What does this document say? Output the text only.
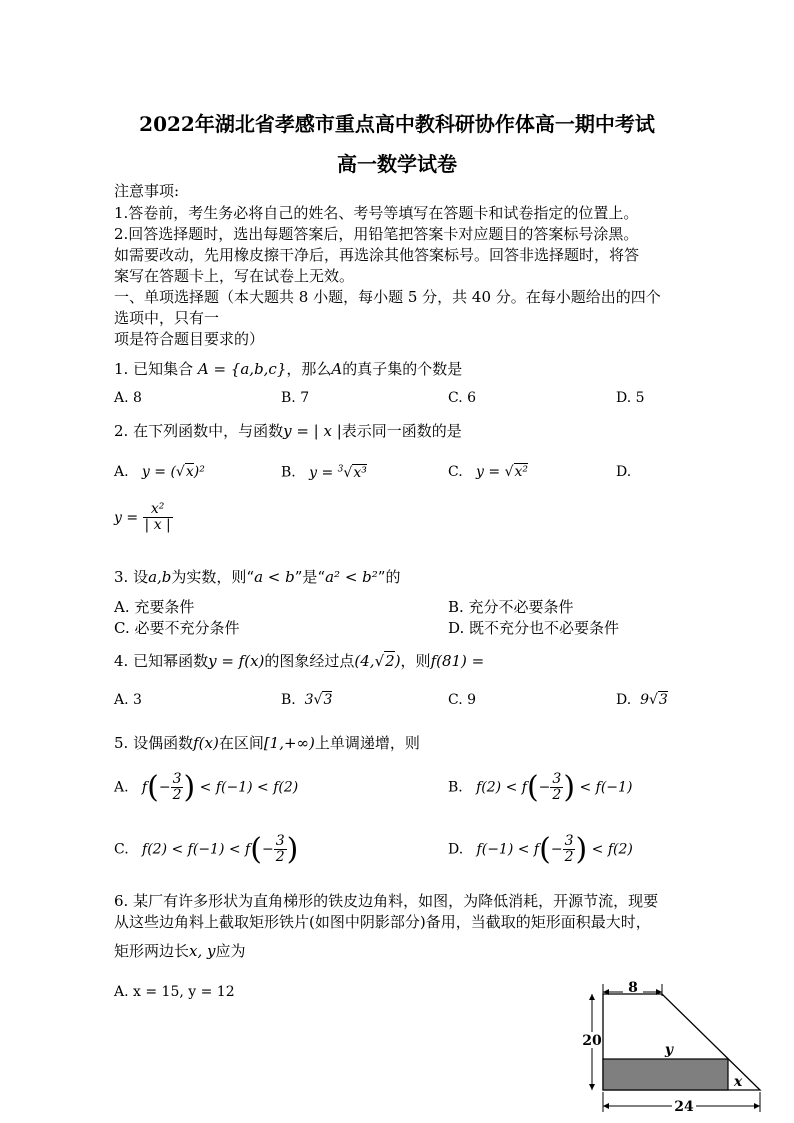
2022年湖北省孝感市重点高中教科研协作体高一期中考试
高一数学试卷
注意事项:
1.答卷前，考生务必将自己的姓名、考号等填写在答题卡和试卷指定的位置上。
2.回答选择题时，选出每题答案后，用铅笔把答案卡对应题目的答案标号涂黑。
如需要改动，先用橡皮擦干净后，再选涂其他答案标号。回答非选择题时，将答
案写在答题卡上，写在试卷上无效。
一、单项选择题（本大题共 8 小题，每小题 5 分，共 40 分。在每小题给出的四个
选项中，只有一
项是符合题目要求的）
1. 已知集合 A = {a,b,c}，那么A的真子集的个数是
A. 8	B. 7	C. 6	D. 5
2. 在下列函数中，与函数y = | x |表示同一函数的是
A. y = (√x)²	B. y = $^3$√x³	C. y = √x²	D.
$y = \frac{\text{x²}}{| x |}$
3. 设a,b为实数，则“a < b”是“a² < b²”的
A. 充要条件	B. 充分不必要条件
C. 必要不充分条件	D. 既不充分也不必要条件
4. 已知幂函数y = f(x)的图象经过点(4,√2)，则f(81) =
A. 3	B.  3√3	C. 9	D.  9√3
5. 设偶函数f(x)在区间[1,+∞)上单调递增，则
A. $f(- \frac{3}{2}$ ) < f(−1) < f(2)	B. $f(2) < f(- \frac{3}{2}$ ) < f(−1)
C. $f(2) < f(-1) < f(- \frac{3}{2}$ )	D. $f(-1) < f(- \frac{3}{2}$ ) < f(2)
6. 某厂有许多形状为直角梯形的铁皮边角料，如图，为降低消耗，开源节流，现要
从这些边角料上截取矩形铁片(如图中阴影部分)备用，当截取的矩形面积最大时，
矩形两边长x, y应为
A. x = 15, y = 12	8
20
y
x
24
